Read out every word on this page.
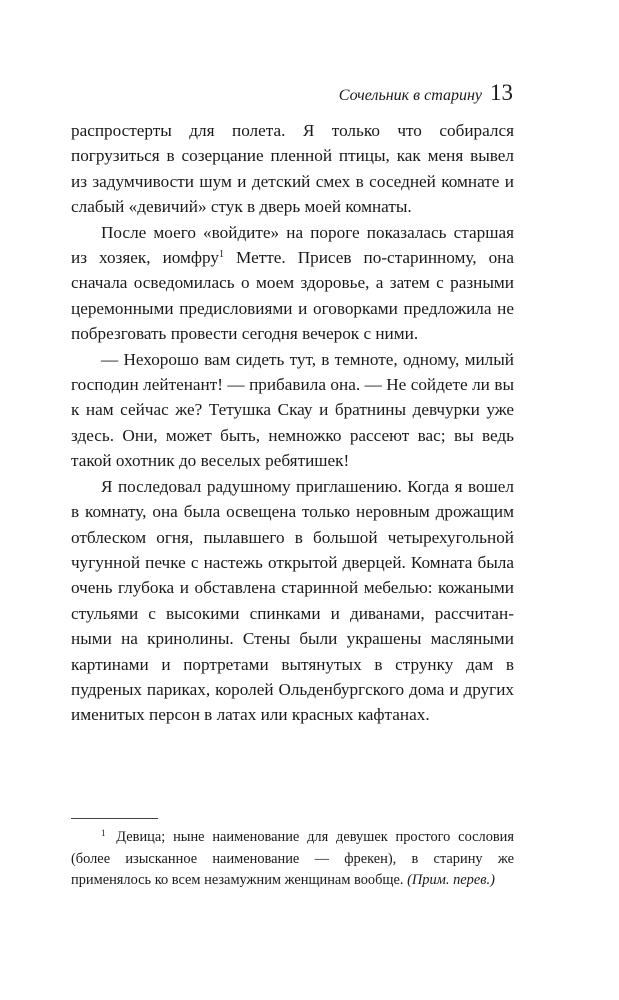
Сочельник в старину 13

распростерты для полета. Я только что собирался погрузиться в созерцание пленной птицы, как меня вывел из задумчивости шум и детский смех в соседней комнате и слабый «девичий» стук в дверь моей комнаты.

После моего «войдите» на пороге показалась старшая из хозяек, иомфру$^1$ Метте. Присев по-старинному, она сначала осведомилась о моем здоровье, а затем с разными церемонными предисловиями и оговорками предложила не побрезговать провести сегодня вечерок с ними.

— Нехорошо вам сидеть тут, в темноте, одному, милый господин лейтенант! — прибавила она. — Не сойдете ли вы к нам сейчас же? Тетушка Скау и братнины девчурки уже здесь. Они, может быть, немножко рассеют вас; вы ведь такой охотник до веселых ребятишек!

Я последовал радушному приглашению. Когда я вошел в комнату, она была освещена только неровным дрожащим отблеском огня, пылавшего в большой четырехугольной чугунной печке с настежь открытой дверцей. Комната была очень глубока и обставлена старинной мебелью: кожаными стульями с высокими спинками и диванами, рассчитанными на кринолины. Стены были украшены масляными картинами и портретами вытянутых в струнку дам в пудреных париках, королей Ольденбургского дома и других именитых персон в латах или красных кафтанах.

$^1$ Девица; ныне наименование для девушек простого сословия (более изысканное наименование — фрекен), в старину же применялось ко всем незамужним женщинам вообще. (Прим. перев.)
